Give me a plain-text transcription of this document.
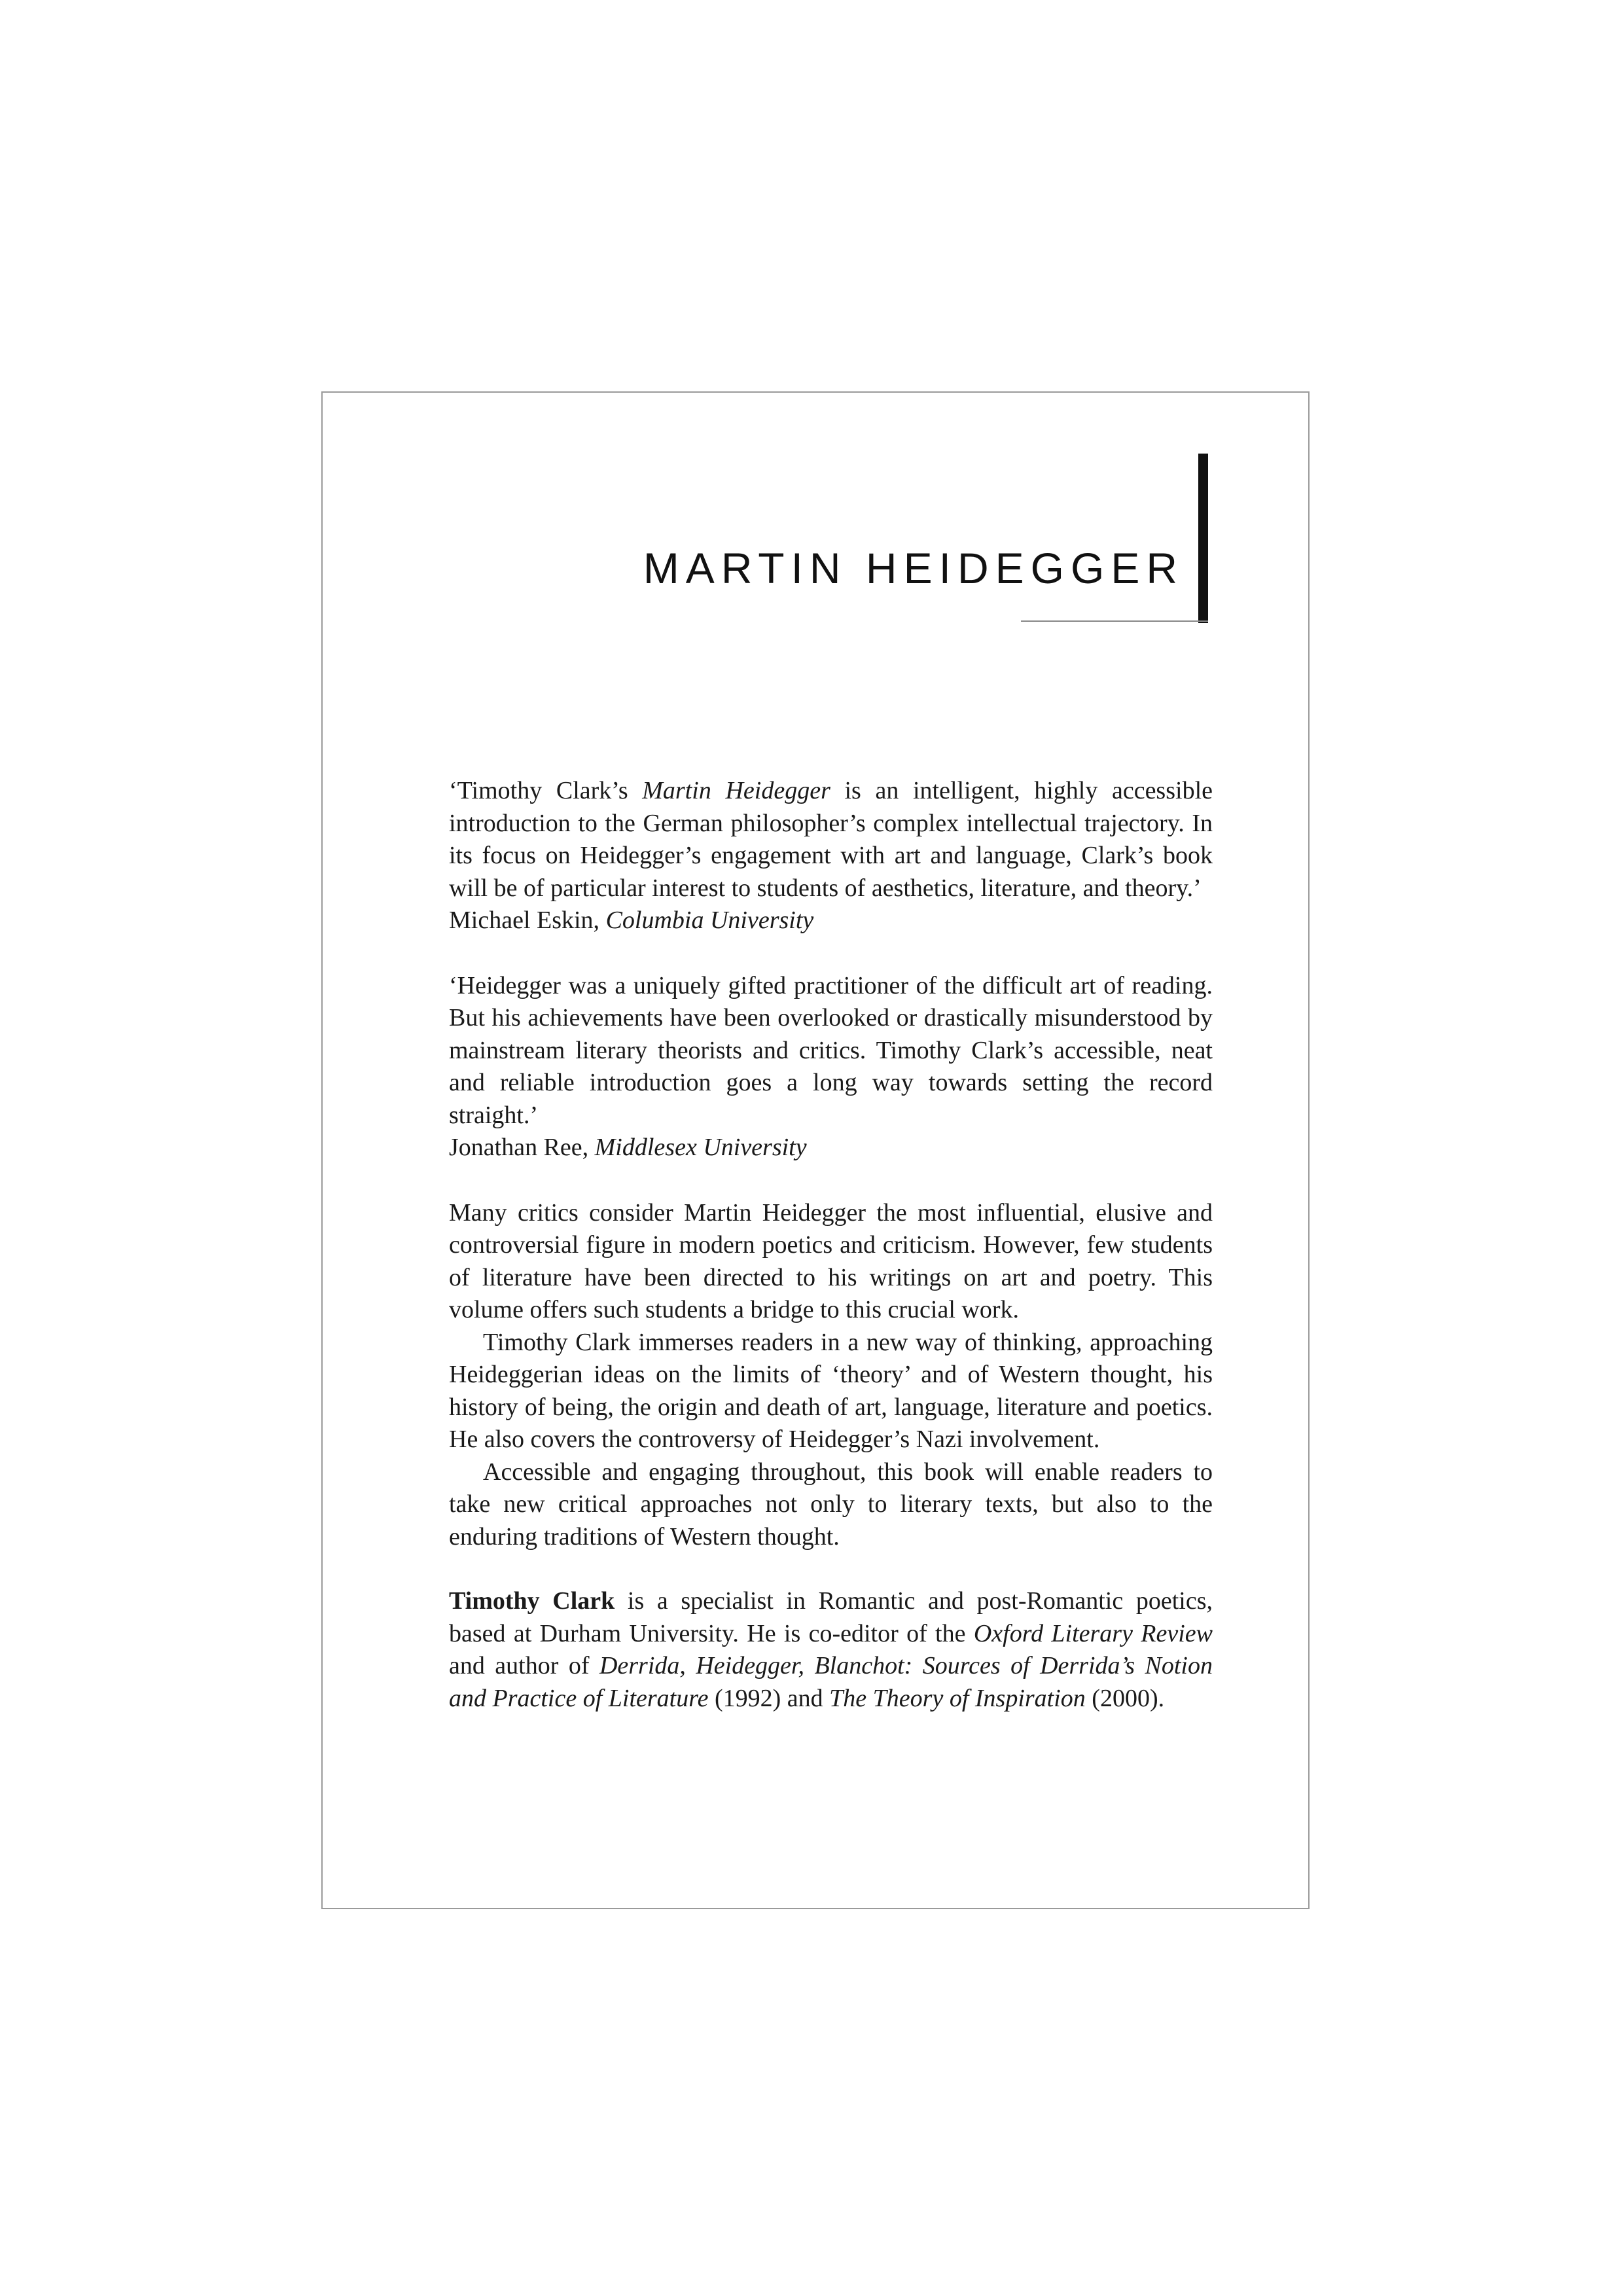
MARTIN HEIDEGGER

‘Timothy Clark’s Martin Heidegger is an intelligent, highly accessible introduction to the German philosopher’s complex intellectual trajectory. In its focus on Heidegger’s engagement with art and language, Clark’s book will be of particular interest to students of aesthetics, literature, and theory.’

Michael Eskin, Columbia University

‘Heidegger was a uniquely gifted practitioner of the difficult art of reading. But his achievements have been overlooked or drastically misunderstood by mainstream literary theorists and critics. Timothy Clark’s accessible, neat and reliable introduction goes a long way towards setting the record straight.’

Jonathan Ree, Middlesex University

Many critics consider Martin Heidegger the most influential, elusive and controversial figure in modern poetics and criticism. However, few students of literature have been directed to his writings on art and poetry. This volume offers such students a bridge to this crucial work.

Timothy Clark immerses readers in a new way of thinking, approaching Heideggerian ideas on the limits of ‘theory’ and of Western thought, his history of being, the origin and death of art, language, literature and poetics. He also covers the controversy of Heidegger’s Nazi involvement.

Accessible and engaging throughout, this book will enable readers to take new critical approaches not only to literary texts, but also to the enduring traditions of Western thought.

Timothy Clark is a specialist in Romantic and post-Romantic poetics, based at Durham University. He is co-editor of the Oxford Literary Review and author of Derrida, Heidegger, Blanchot: Sources of Derrida’s Notion and Practice of Literature (1992) and The Theory of Inspiration (2000).
